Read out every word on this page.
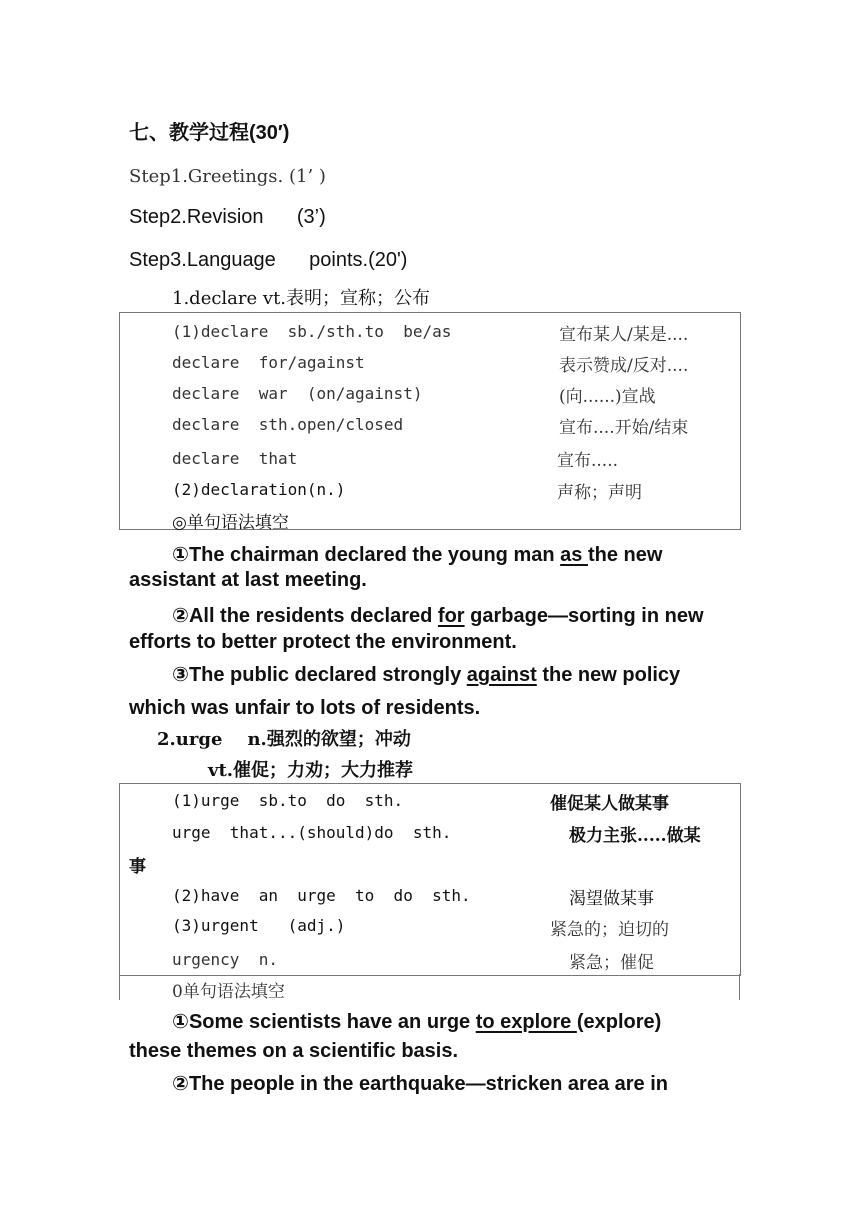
七、教学过程(30′)
Step1.Greetings. (1’ )
Step2.Revision      (3’)
Step3.Language      points.(20')
1.declare vt.表明；宣称；公布
(1)declare  sb./sth.to  be/as	宣布某人/某是....
declare  for/against	表示赞成/反对....
declare  war  (on/against)	(向......)宣战
declare  sth.open/closed	宣布....开始/结束
declare  that	宣布.....
(2)declaration(n.)	声称；声明
◎单句语法填空
①The chairman declared the young man as the new
assistant at last meeting.
②All the residents declared for garbage—sorting in new
efforts to better protect the environment.
③The public declared strongly against the new policy
which was unfair to lots of residents.
2.urge    n.强烈的欲望；冲动
vt.催促；力劝；大力推荐
(1)urge  sb.to  do  sth.	催促某人做某事
urge  that...(should)do  sth.	极力主张.....做某
事
(2)have  an  urge  to  do  sth.	渴望做某事
(3)urgent   (adj.)	紧急的；迫切的
urgency  n.	紧急；催促
0单句语法填空
①Some scientists have an urge to explore (explore)
these themes on a scientific basis.
②The people in the earthquake—stricken area are in
